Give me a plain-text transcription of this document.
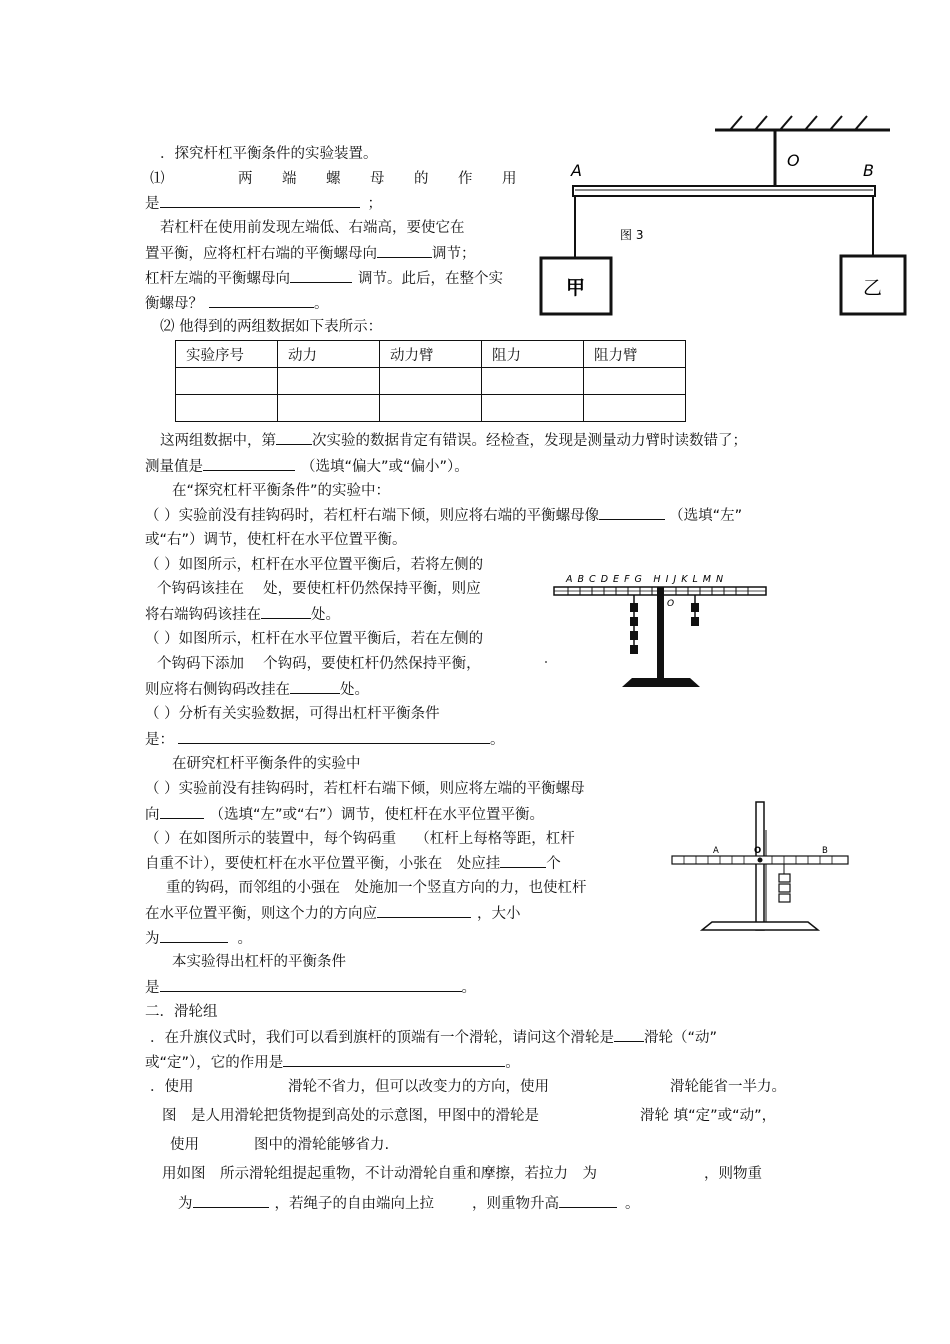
．探究杆杠平衡条件的实验装置。
⑴	两 端 螺 母 的 作 用
是	；
若杠杆在使用前发现左端低、右端高，要使它在
置平衡，应将杠杆右端的平衡螺母向	调节；
杠杆左端的平衡螺母向	调节。此后，在整个实
衡螺母？	。
⑵ 他得到的两组数据如下表所示：
实验序号	动力	动力臂	阻力	阻力臂

这两组数据中，第 次实验的数据肯定有错误。经检查，发现是测量动力臂时读数错了；
测量值是	（选填“偏大”或“偏小”）。
A
O
B
图 3
甲	乙
在“探究杠杆平衡条件”的实验中：
（ ）实验前没有挂钩码时，若杠杆右端下倾，则应将右端的平衡螺母像	（选填“左”
或“右”）调节，使杠杆在水平位置平衡。
（ ）如图所示，杠杆在水平位置平衡后，若将左侧的
个钩码该挂在　 处，要使杠杆仍然保持平衡，则应
将右端钩码该挂在	处。
（ ）如图所示，杠杆在水平位置平衡后，若在左侧的
个钩码下添加　 个钩码，要使杠杆仍然保持平衡，
则应将右侧钩码改挂在	处。
（ ）分析有关实验数据，可得出杠杆平衡条件
是：	。
A B C D E F G　H I J K L M N
O
在研究杠杆平衡条件的实验中
（ ）实验前没有挂钩码时，若杠杆右端下倾，则应将左端的平衡螺母
向	（选填“左”或“右”）调节，使杠杆在水平位置平衡。
（ ）在如图所示的装置中，每个钩码重　 （杠杆上每格等距，杠杆
自重不计），要使杠杆在水平位置平衡，小张在　处应挂	个
重的钩码，而邻组的小强在　处施加一个竖直方向的力，也使杠杆
在水平位置平衡，则这个力的方向应	，大小
为	。
本实验得出杠杆的平衡条件
是	。
A	O	B
二．滑轮组
．在升旗仪式时，我们可以看到旗杆的顶端有一个滑轮，请问这个滑轮是 滑轮（“动”
或“定”），它的作用是	。
．使用	滑轮不省力，但可以改变力的方向，使用	滑轮能省一半力。
图　是人用滑轮把货物提到高处的示意图，甲图中的滑轮是	滑轮 填“定”或“动”，
使用	图中的滑轮能够省力.
用如图　所示滑轮组提起重物，不计动滑轮自重和摩擦，若拉力　为	，则物重
为	，若绳子的自由端向上拉	，则重物升高	。
